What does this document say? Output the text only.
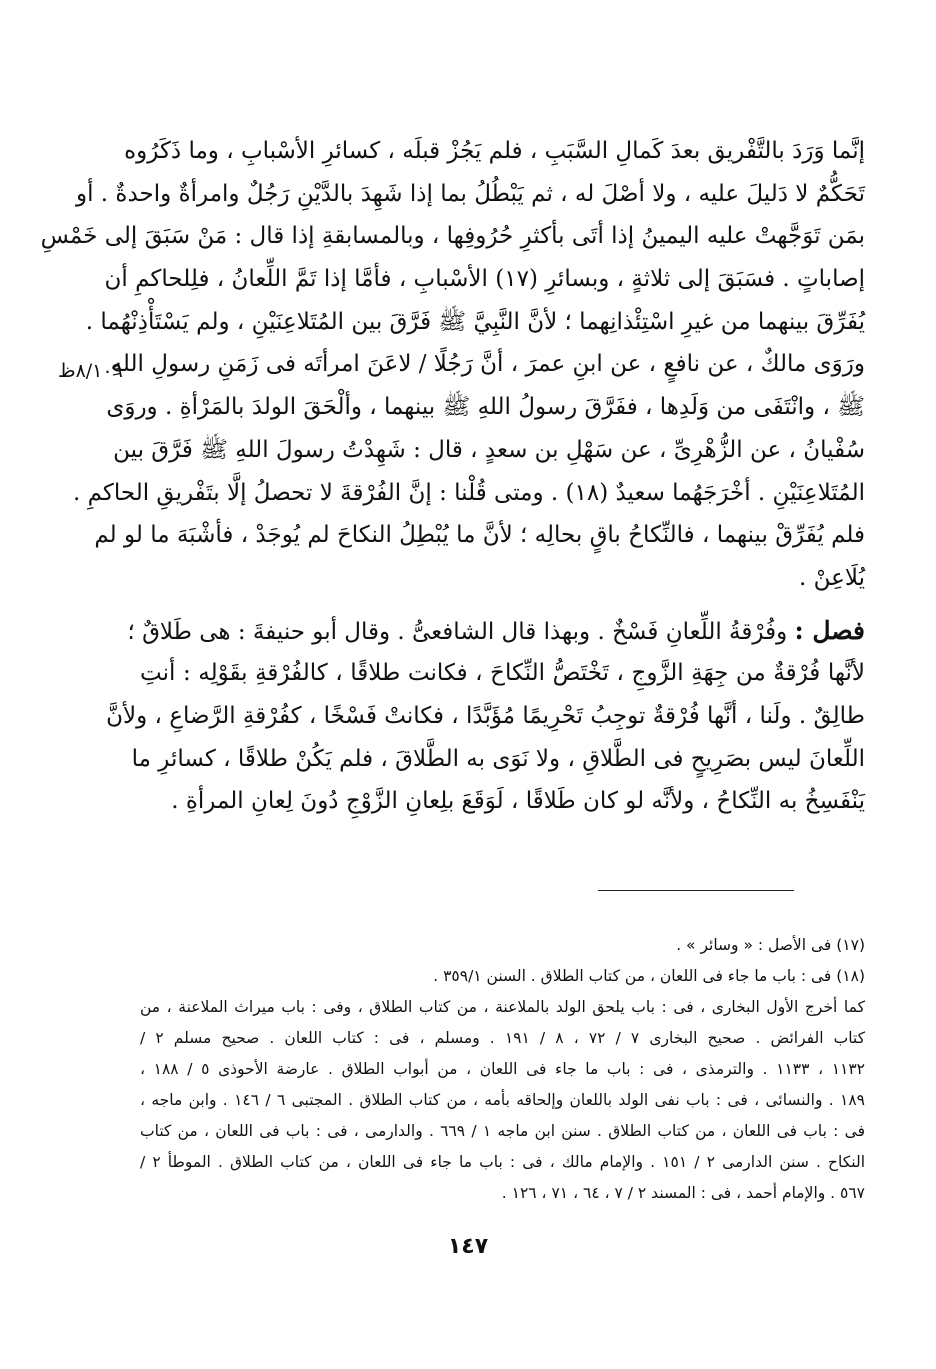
٨/١٠٩ظ
إنَّما وَرَدَ بالتَّفْريق بعدَ كَمالِ السَّبَبِ ، فلم يَجُزْ قبلَه ، كسائرِ الأسْبابِ ، وما ذَكَرُوه
تَحَكُّمٌ لا دَليلَ عليه ، ولا أصْلَ له ، ثم يَبْطُلُ بما إذا شَهِدَ بالدَّيْنِ رَجُلٌ وامرأةٌ واحدةٌ . أو
بمَن تَوَجَّهتْ عليه اليمينُ إذا أتَى بأكثرِ حُرُوفِها ، وبالمسابقةِ إذا قال : مَنْ سَبَقَ إلى خَمْسِ
إصاباتٍ . فسَبَقَ إلى ثلاثةٍ ، وبسائرِ (١٧) الأسْبابِ ، فأمَّا إذا تَمَّ اللِّعانُ ، فلِلحاكمِ أن
يُفَرِّقَ بينهما من غيرِ اسْتِئْذانِهما ؛ لأنَّ النَّبِيَّ ﷺ فَرَّقَ بين المُتَلاعِنَيْنِ ، ولم يَسْتَأْذِنْهُما .
ورَوَى مالكٌ ، عن نافعٍ ، عن ابنِ عمرَ ، أنَّ رَجُلًا / لاعَنَ امرأتَه فى زَمَنِ رسولِ اللهِ
ﷺ ، وانْتَفَى من وَلَدِها ، ففَرَّقَ رسولُ اللهِ ﷺ بينهما ، وألْحَقَ الولدَ بالمَرْأةِ . وروَى
سُفْيانُ ، عن الزُّهْرِىِّ ، عن سَهْلِ بن سعدٍ ، قال : شَهِدْتُ رسولَ اللهِ ﷺ فَرَّقَ بين
المُتَلاعِنَيْنِ . أخْرَجَهُما سعيدٌ (١٨) . ومتى قُلْنا : إنَّ الفُرْقةَ لا تحصلُ إلَّا بتَفْريقِ الحاكمِ .
فلم يُفَرِّقْ بينهما ، فالنِّكاحُ باقٍ بحالِه ؛ لأنَّ ما يُبْطِلُ النكاحَ لم يُوجَدْ ، فأشْبَهَ ما لو لم
يُلَاعِنْ .
فصل : وفُرْقةُ اللِّعانِ فَسْخٌ . وبهذا قال الشافعىُّ . وقال أبو حنيفةَ : هى طَلاقٌ ؛
لأنَّها فُرْقةٌ من جِهَةِ الزَّوجِ ، تَخْتَصُّ النِّكاحَ ، فكانت طلاقًا ، كالفُرْقةِ بقَوْلِه : أنتِ
طالِقٌ . ولَنا ، أنَّها فُرْقةٌ توجِبُ تَحْرِيمًا مُؤَبَّدًا ، فكانتْ فَسْخًا ، كفُرْقةِ الرَّضاعِ ، ولأنَّ
اللِّعانَ ليس بصَرِيحٍ فى الطَّلاقِ ، ولا نَوَى به الطَّلاقَ ، فلم يَكُنْ طلاقًا ، كسائرِ ما
يَنْفَسِخُ به النِّكاحُ ، ولأنَّه لو كان طَلاقًا ، لَوَقَعَ بلِعانِ الزَّوْجِ دُونَ لِعانِ المرأةِ .
(١٧) فى الأصل : « وسائر » .
(١٨) فى : باب ما جاء فى اللعان ، من كتاب الطلاق . السنن ٣٥٩/١ .
كما أخرج الأول البخارى ، فى : باب يلحق الولد بالملاعنة ، من كتاب الطلاق ، وفى : باب ميراث الملاعنة ، من
كتاب الفرائض . صحيح البخارى ٧ / ٧٢ ، ٨ / ١٩١ . ومسلم ، فى : كتاب اللعان . صحيح مسلم ٢ /
١١٣٢ ، ١١٣٣ . والترمذى ، فى : باب ما جاء فى اللعان ، من أبواب الطلاق . عارضة الأحوذى ٥ / ١٨٨ ،
١٨٩ . والنسائى ، فى : باب نفى الولد باللعان وإلحاقه بأمه ، من كتاب الطلاق . المجتبى ٦ / ١٤٦ . وابن ماجه ،
فى : باب فى اللعان ، من كتاب الطلاق . سنن ابن ماجه ١ / ٦٦٩ . والدارمى ، فى : باب فى اللعان ، من كتاب
النكاح . سنن الدارمى ٢ / ١٥١ . والإمام مالك ، فى : باب ما جاء فى اللعان ، من كتاب الطلاق . الموطأ ٢ /
٥٦٧ . والإمام أحمد ، فى : المسند ٢ / ٧ ، ٦٤ ، ٧١ ، ١٢٦ .
١٤٧
